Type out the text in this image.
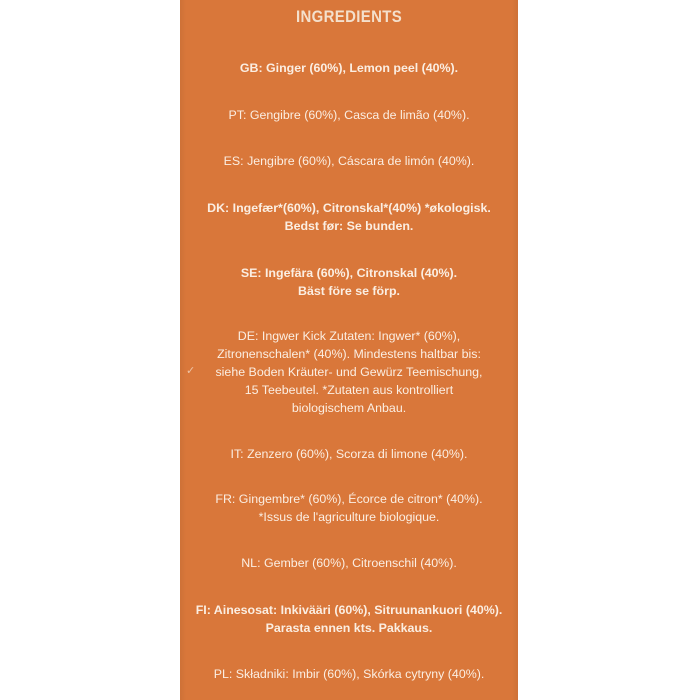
INGREDIENTS
GB: Ginger (60%), Lemon peel (40%).
PT: Gengibre (60%), Casca de limão (40%).
ES: Jengibre (60%), Cáscara de limón (40%).
DK: Ingefær*(60%), Citronskal*(40%) *økologisk.
Bedst før: Se bunden.
SE: Ingefära (60%), Citronskal (40%).
Bäst före se förp.
DE: Ingwer Kick Zutaten: Ingwer* (60%),
Zitronenschalen* (40%). Mindestens haltbar bis:
siehe Boden Kräuter- und Gewürz Teemischung,
15 Teebeutel. *Zutaten aus kontrolliert
biologischem Anbau.
IT: Zenzero (60%), Scorza di limone (40%).
FR: Gingembre* (60%), Écorce de citron* (40%).
*Issus de l'agriculture biologique.
NL: Gember (60%), Citroenschil (40%).
FI: Ainesosat: Inkivääri (60%), Sitruunankuori (40%).
Parasta ennen kts. Pakkaus.
PL: Składniki: Imbir (60%), Skórka cytryny (40%).
✓
